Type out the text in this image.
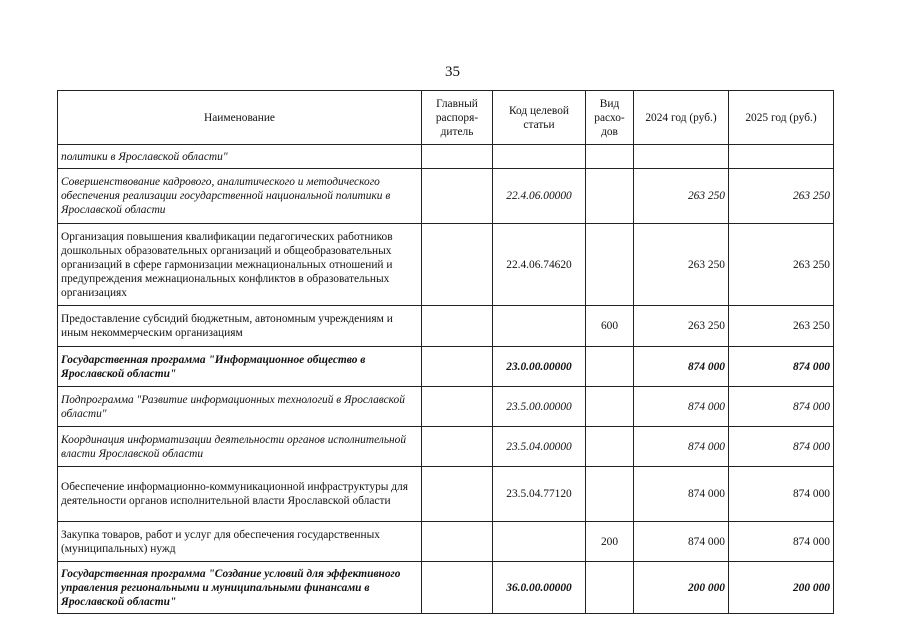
35
Наименование	Главный распоря-дитель	Код целевой статьи	Вид расхо-дов	2024 год (руб.)	2025 год (руб.)
политики в Ярославской области"					
Совершенствование кадрового, аналитического и методического обеспечения реализации государственной национальной политики в Ярославской области		22.4.06.00000		263 250	263 250
Организация повышения квалификации педагогических работников дошкольных образовательных организаций и общеобразовательных организаций в сфере гармонизации межнациональных отношений и предупреждения межнациональных конфликтов в образовательных организациях		22.4.06.74620		263 250	263 250
Предоставление субсидий бюджетным, автономным учреждениям и иным некоммерческим организациям			600	263 250	263 250
Государственная программа "Информационное общество в Ярославской области"		23.0.00.00000		874 000	874 000
Подпрограмма "Развитие информационных технологий в Ярославской области"		23.5.00.00000		874 000	874 000
Координация информатизации деятельности органов исполнительной власти Ярославской области		23.5.04.00000		874 000	874 000
Обеспечение информационно-коммуникационной инфраструктуры для деятельности органов исполнительной власти Ярославской области		23.5.04.77120		874 000	874 000
Закупка товаров, работ и услуг для обеспечения государственных (муниципальных) нужд			200	874 000	874 000
Государственная программа "Создание условий для эффективного управления региональными и муниципальными финансами в Ярославской области"		36.0.00.00000		200 000	200 000
